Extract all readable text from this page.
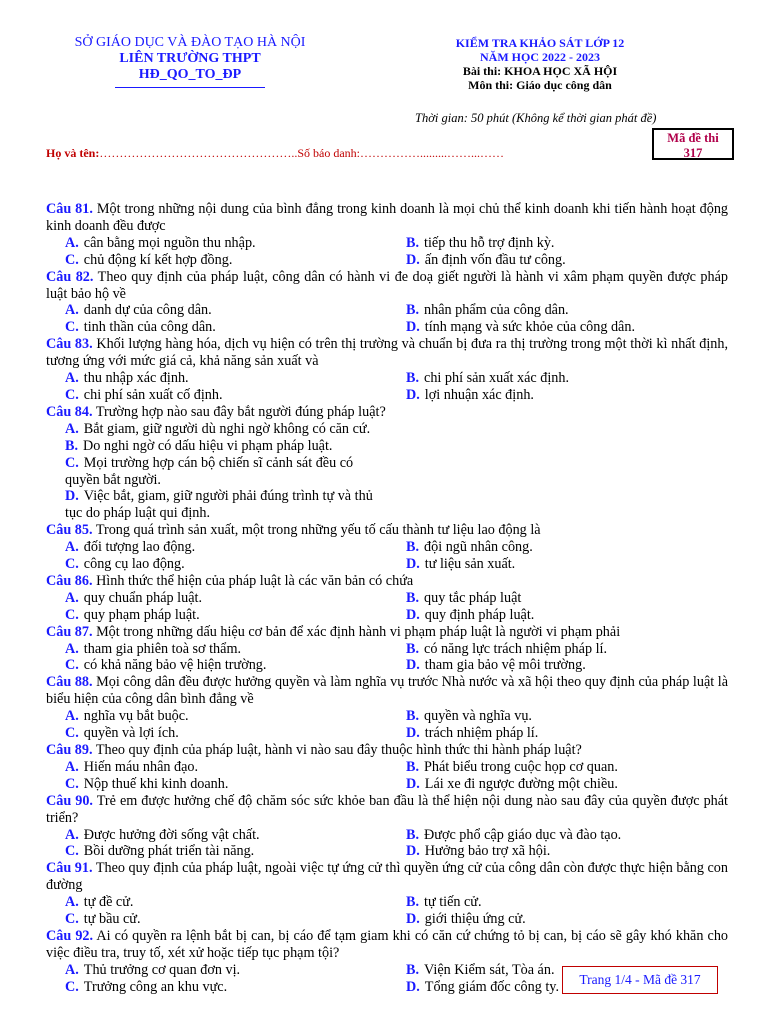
SỞ GIÁO DỤC VÀ ĐÀO TẠO HÀ NỘI
LIÊN TRƯỜNG THPT
HĐ_QO_TO_ĐP
KIỂM TRA KHẢO SÁT LỚP 12
NĂM HỌC 2022 - 2023
Bài thi: KHOA HỌC XÃ HỘI
Môn thi: Giáo dục công dân
Thời gian: 50 phút (Không kể thời gian phát đề)
Mã đề thi
317
Họ và tên:…………………………………………..Số báo danh:…………….........……...……
Câu 81. Một trong những nội dung của bình đẳng trong kinh doanh là mọi chủ thể kinh doanh khi tiến hành hoạt động kinh doanh đều được
A. cân bằng mọi nguồn thu nhập.	B. tiếp thu hỗ trợ định kỳ.
C. chủ động kí kết hợp đồng.	D. ấn định vốn đầu tư công.
Câu 82. Theo quy định của pháp luật, công dân có hành vi đe doạ giết người là hành vi xâm phạm quyền được pháp luật bảo hộ về
A. danh dự của công dân.	B. nhân phẩm của công dân.
C. tinh thần của công dân.	D. tính mạng và sức khỏe của công dân.
Câu 83. Khối lượng hàng hóa, dịch vụ hiện có trên thị trường và chuẩn bị đưa ra thị trường trong một thời kì nhất định, tương ứng với mức giá cả, khả năng sản xuất và
A. thu nhập xác định.	B. chi phí sản xuất xác định.
C. chi phí sản xuất cố định.	D. lợi nhuận xác định.
Câu 84. Trường hợp nào sau đây bắt người đúng pháp luật?
A. Bắt giam, giữ người dù nghi ngờ không có căn cứ.
B. Do nghi ngờ có dấu hiệu vi phạm pháp luật.
C. Mọi trường hợp cán bộ chiến sĩ cảnh sát đều có quyền bắt người.
D. Việc bắt, giam, giữ người phải đúng trình tự và thủ tục do pháp luật qui định.
Câu 85. Trong quá trình sản xuất, một trong những yếu tố cấu thành tư liệu lao động là
A. đối tượng lao động.	B. đội ngũ nhân công.
C. công cụ lao động.	D. tư liệu sản xuất.
Câu 86. Hình thức thể hiện của pháp luật là các văn bản có chứa
A. quy chuẩn pháp luật.	B. quy tắc pháp luật
C. quy phạm pháp luật.	D. quy định pháp luật.
Câu 87. Một trong những dấu hiệu cơ bản để xác định hành vi phạm pháp luật là người vi phạm phải
A. tham gia phiên toà sơ thẩm.	B. có năng lực trách nhiệm pháp lí.
C. có khả năng bảo vệ hiện trường.	D. tham gia bảo vệ môi trường.
Câu 88. Mọi công dân đều được hưởng quyền và làm nghĩa vụ trước Nhà nước và xã hội theo quy định của pháp luật là biểu hiện của công dân bình đẳng về
A. nghĩa vụ bắt buộc.	B. quyền và nghĩa vụ.
C. quyền và lợi ích.	D. trách nhiệm pháp lí.
Câu 89. Theo quy định của pháp luật, hành vi nào sau đây thuộc hình thức thi hành pháp luật?
A. Hiến máu nhân đạo.	B. Phát biểu trong cuộc họp cơ quan.
C. Nộp thuế khi kinh doanh.	D. Lái xe đi ngược đường một chiều.
Câu 90. Trẻ em được hưởng chế độ chăm sóc sức khỏe ban đầu là thể hiện nội dung nào sau đây của quyền được phát triển?
A. Được hưởng đời sống vật chất.	B. Được phổ cập giáo dục và đào tạo.
C. Bồi dưỡng phát triển tài năng.	D. Hưởng bảo trợ xã hội.
Câu 91. Theo quy định của pháp luật, ngoài việc tự ứng cử thì quyền ứng cử của công dân còn được thực hiện bằng con đường
A. tự đề cử.	B. tự tiến cử.
C. tự bầu cử.	D. giới thiệu ứng cử.
Câu 92. Ai có quyền ra lệnh bắt bị can, bị cáo để tạm giam khi có căn cứ chứng tỏ bị can, bị cáo sẽ gây khó khăn cho việc điều tra, truy tố, xét xử hoặc tiếp tục phạm tội?
A. Thủ trưởng cơ quan đơn vị.	B. Viện Kiểm sát, Tòa án.
C. Trưởng công an khu vực.	D. Tổng giám đốc công ty.	Trang 1/4 - Mã đề 317
